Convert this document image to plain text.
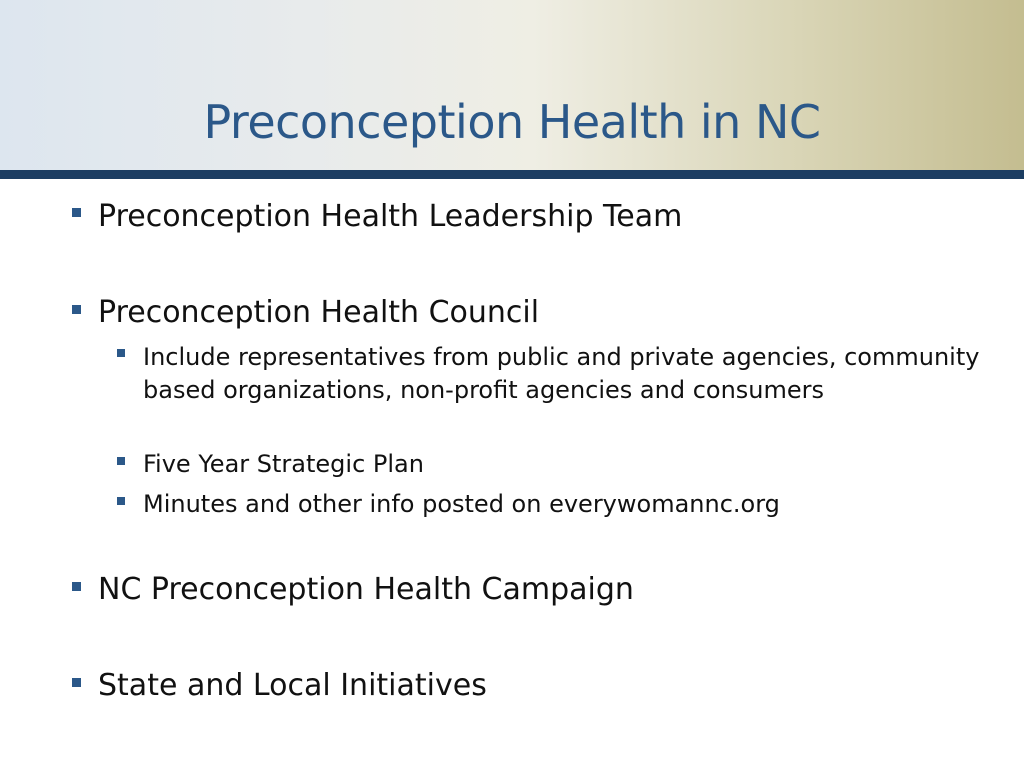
Preconception Health in NC
Preconception Health Leadership Team
Preconception Health Council
Include representatives from public and private agencies, community based organizations, non-profit agencies and consumers
Five Year Strategic Plan
Minutes and other info posted on everywomannc.org
NC Preconception Health Campaign
State and Local Initiatives
